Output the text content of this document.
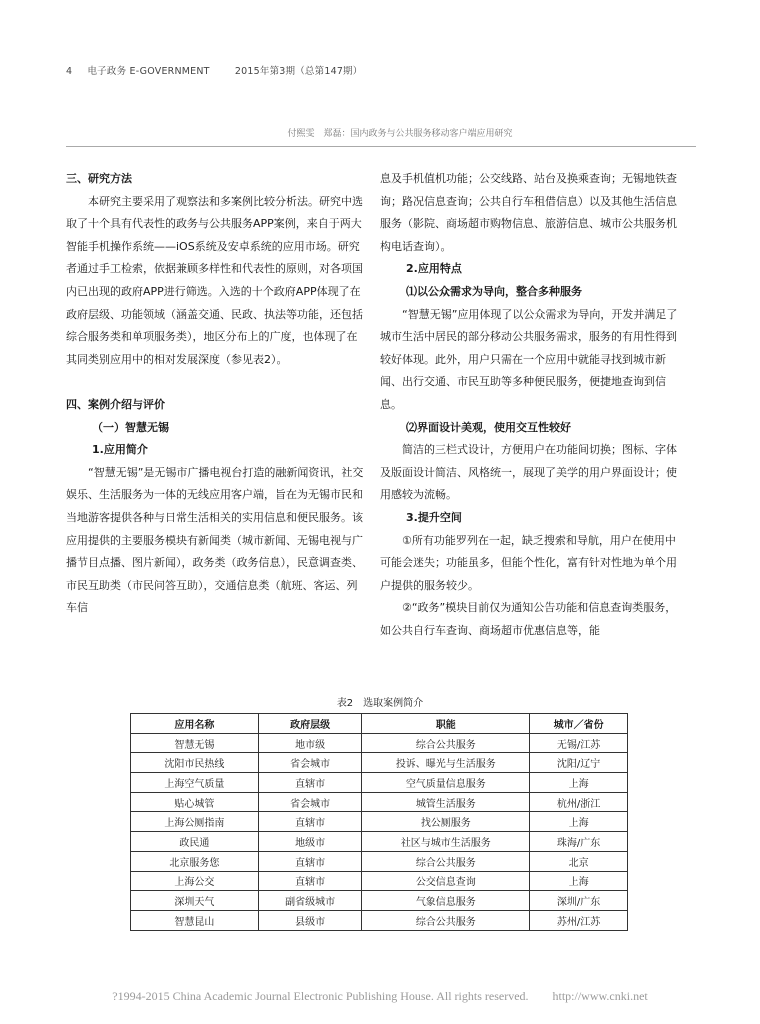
4 电子政务 E-GOVERNMENT	2015年第3期（总第147期）
付熙雯　郑磊：国内政务与公共服务移动客户端应用研究

三、研究方法

本研究主要采用了观察法和多案例比较分析法。研究中选取了十个具有代表性的政务与公共服务APP案例，来自于两大智能手机操作系统——iOS系统及安卓系统的应用市场。研究者通过手工检索，依据兼顾多样性和代表性的原则，对各项国内已出现的政府APP进行筛选。入选的十个政府APP体现了在政府层级、功能领域（涵盖交通、民政、执法等功能，还包括综合服务类和单项服务类），地区分布上的广度，也体现了在其同类别应用中的相对发展深度（参见表2）。

四、案例介绍与评价

（一）智慧无锡

1.应用简介

“智慧无锡”是无锡市广播电视台打造的融新闻资讯，社交娱乐、生活服务为一体的无线应用客户端，旨在为无锡市民和当地游客提供各种与日常生活相关的实用信息和便民服务。该应用提供的主要服务模块有新闻类（城市新闻、无锡电视与广播节目点播、图片新闻），政务类（政务信息），民意调查类、市民互助类（市民问答互助），交通信息类（航班、客运、列车信

息及手机值机功能；公交线路、站台及换乘查询；无锡地铁查询；路况信息查询；公共自行车租借信息）以及其他生活信息服务（影院、商场超市购物信息、旅游信息、城市公共服务机构电话查询）。

2.应用特点

⑴以公众需求为导向，整合多种服务

“智慧无锡”应用体现了以公众需求为导向，开发并满足了城市生活中居民的部分移动公共服务需求，服务的有用性得到较好体现。此外，用户只需在一个应用中就能寻找到城市新闻、出行交通、市民互助等多种便民服务，便捷地查询到信息。

⑵界面设计美观，使用交互性较好

简洁的三栏式设计，方便用户在功能间切换；图标、字体及版面设计简洁、风格统一，展现了美学的用户界面设计；使用感较为流畅。

3.提升空间

①所有功能罗列在一起，缺乏搜索和导航，用户在使用中可能会迷失；功能虽多，但能个性化，富有针对性地为单个用户提供的服务较少。

②“政务”模块目前仅为通知公告功能和信息查询类服务，如公共自行车查询、商场超市优惠信息等，能

表2　选取案例简介
应用名称	政府层级	职能	城市／省份
智慧无锡	地市级	综合公共服务	无锡/江苏
沈阳市民热线	省会城市	投诉、曝光与生活服务	沈阳/辽宁
上海空气质量	直辖市	空气质量信息服务	上海
贴心城管	省会城市	城管生活服务	杭州/浙江
上海公厕指南	直辖市	找公厕服务	上海
政民通	地级市	社区与城市生活服务	珠海/广东
北京服务您	直辖市	综合公共服务	北京
上海公交	直辖市	公交信息查询	上海
深圳天气	副省级城市	气象信息服务	深圳/广东
智慧昆山	县级市	综合公共服务	苏州/江苏
?1994-2015 China Academic Journal Electronic Publishing House. All rights reserved.　　http://www.cnki.net
